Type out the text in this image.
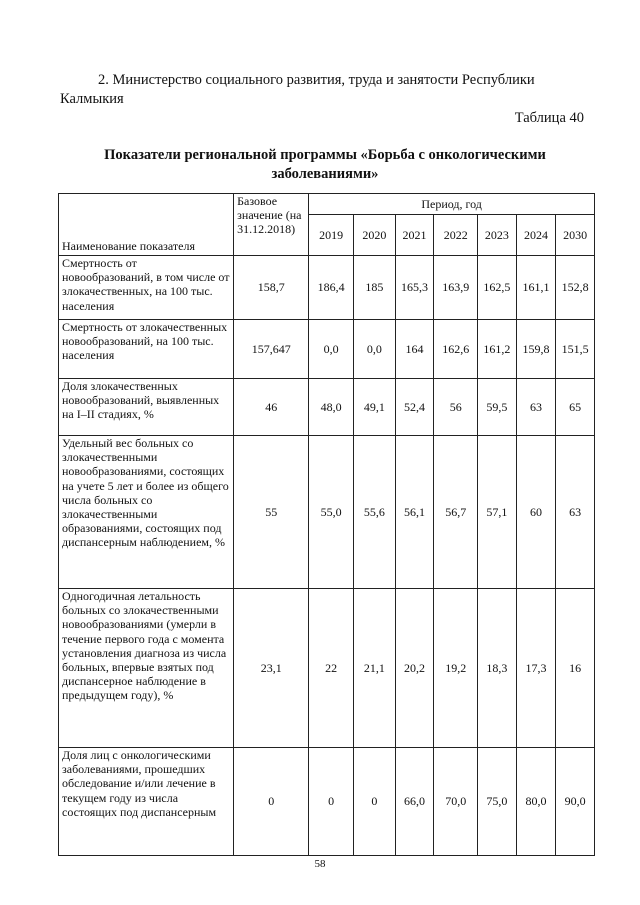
2. Министерство социального развития, труда и занятости Республики Калмыкия
Таблица 40
Показатели региональной программы «Борьба с онкологическими заболеваниями»
Наименование показателя	Базовое значение (на 31.12.2018)	Период, год						
		2019	2020	2021	2022	2023	2024	2030
Смертность от новообразований, в том числе от злокачественных, на 100 тыс. населения	158,7	186,4	185	165,3	163,9	162,5	161,1	152,8
Смертность от злокачественных новообразований, на 100 тыс. населения	157,647	0,0	0,0	164	162,6	161,2	159,8	151,5
Доля злокачественных новообразований, выявленных на I–II стадиях, %	46	48,0	49,1	52,4	56	59,5	63	65
Удельный вес больных со злокачественными новообразованиями, состоящих на учете 5 лет и более из общего числа больных со злокачественными образованиями, состоящих под диспансерным наблюдением, %	55	55,0	55,6	56,1	56,7	57,1	60	63
Одногодичная летальность больных со злокачественными новообразованиями (умерли в течение первого года с момента установления диагноза из числа больных, впервые взятых под диспансерное наблюдение в предыдущем году), %	23,1	22	21,1	20,2	19,2	18,3	17,3	16
Доля лиц с онкологическими заболеваниями, прошедших обследование и/или лечение в текущем году из числа состоящих под диспансерным	0	0	0	66,0	70,0	75,0	80,0	90,0
58
